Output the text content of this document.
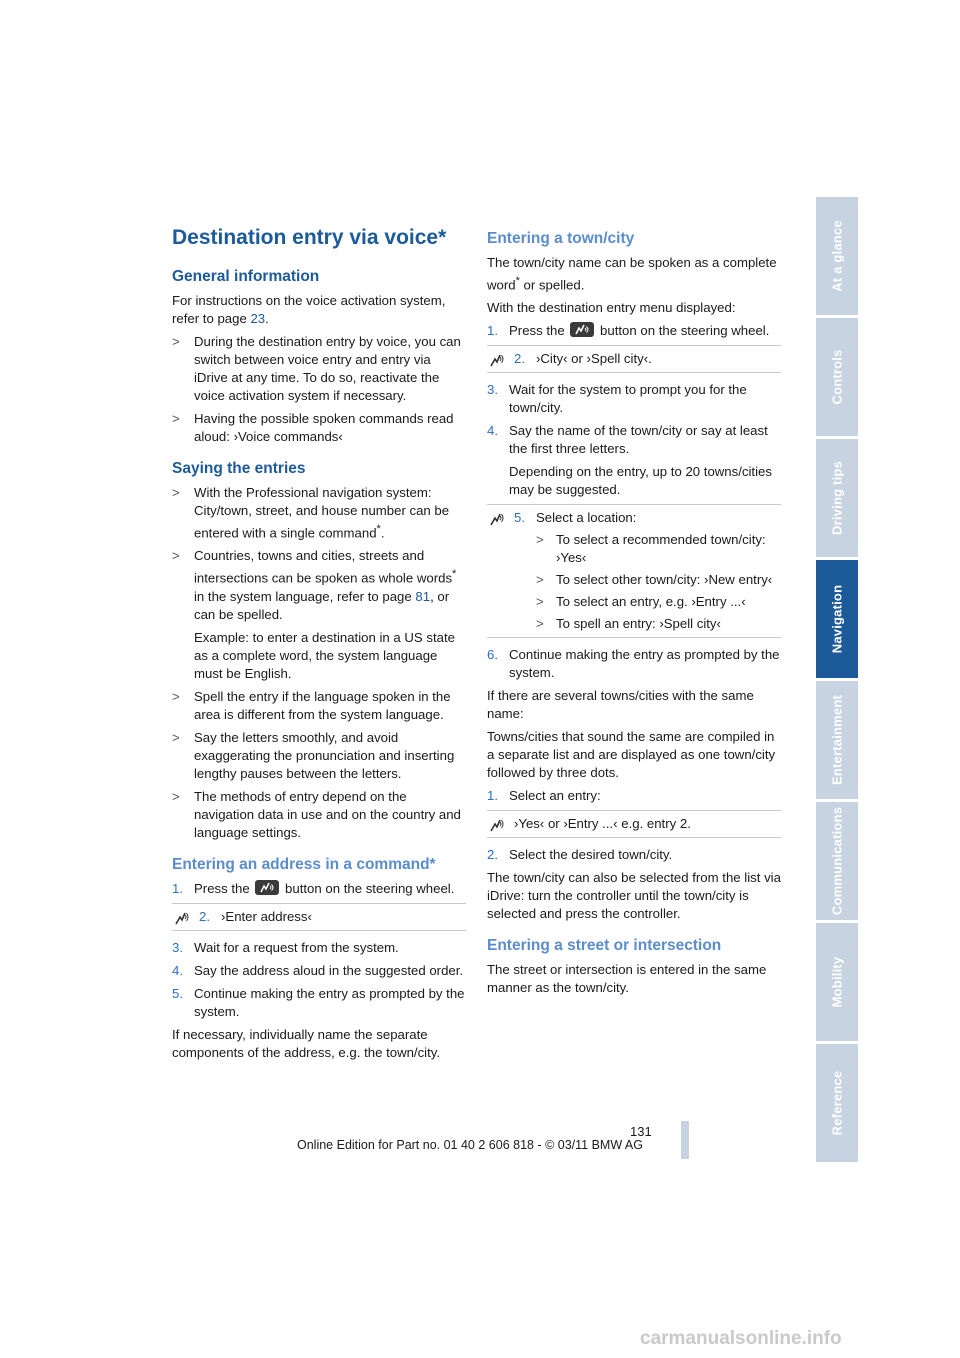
At a glance
Controls
Driving tips
Navigation
Entertainment
Communications
Mobility
Reference
Destination entry via voice*
General information

For instructions on the voice activation system, refer to page 23.

> During the destination entry by voice, you can switch between voice entry and entry via iDrive at any time. To do so, reactivate the voice activation system if necessary.
> Having the possible spoken commands read aloud: ›Voice commands‹
Saying the entries
> With the Professional navigation system: City/town, street, and house number can be entered with a single command*.
> Countries, towns and cities, streets and intersections can be spoken as whole words* in the system language, refer to page 81, or can be spelled.

Example: to enter a destination in a US state as a complete word, the system language must be English.

> Spell the entry if the language spoken in the area is different from the system language.
> Say the letters smoothly, and avoid exaggerating the pronunciation and inserting lengthy pauses between the letters.
> The methods of entry depend on the navigation data in use and on the country and language settings.
Entering an address in a command*
1. Press the
button on the steering wheel.
2. ›Enter address‹
3. Wait for a request from the system.
4. Say the address aloud in the suggested order.
5. Continue making the entry as prompted by the system.

If necessary, individually name the separate components of the address, e.g. the town/city.

Entering a town/city

The town/city name can be spoken as a complete word* or spelled.

With the destination entry menu displayed:

1. Press the
button on the steering wheel.
2. ›City‹ or ›Spell city‹.
3. Wait for the system to prompt you for the town/city.
4. Say the name of the town/city or say at least the first three letters.

Depending on the entry, up to 20 towns/cities may be suggested.

5. Select a location:
> To select a recommended town/city: ›Yes‹
> To select other town/city: ›New entry‹
> To select an entry, e.g. ›Entry ...‹
> To spell an entry: ›Spell city‹
6. Continue making the entry as prompted by the system.

If there are several towns/cities with the same name:

Towns/cities that sound the same are compiled in a separate list and are displayed as one town/city followed by three dots.

1. Select an entry:
›Yes‹ or ›Entry ...‹ e.g. entry 2.
2. Select the desired town/city.

The town/city can also be selected from the list via iDrive: turn the controller until the town/city is selected and press the controller.

Entering a street or intersection

The street or intersection is entered in the same manner as the town/city.

131
Online Edition for Part no. 01 40 2 606 818 - © 03/11 BMW AG
carmanualsonline.info
